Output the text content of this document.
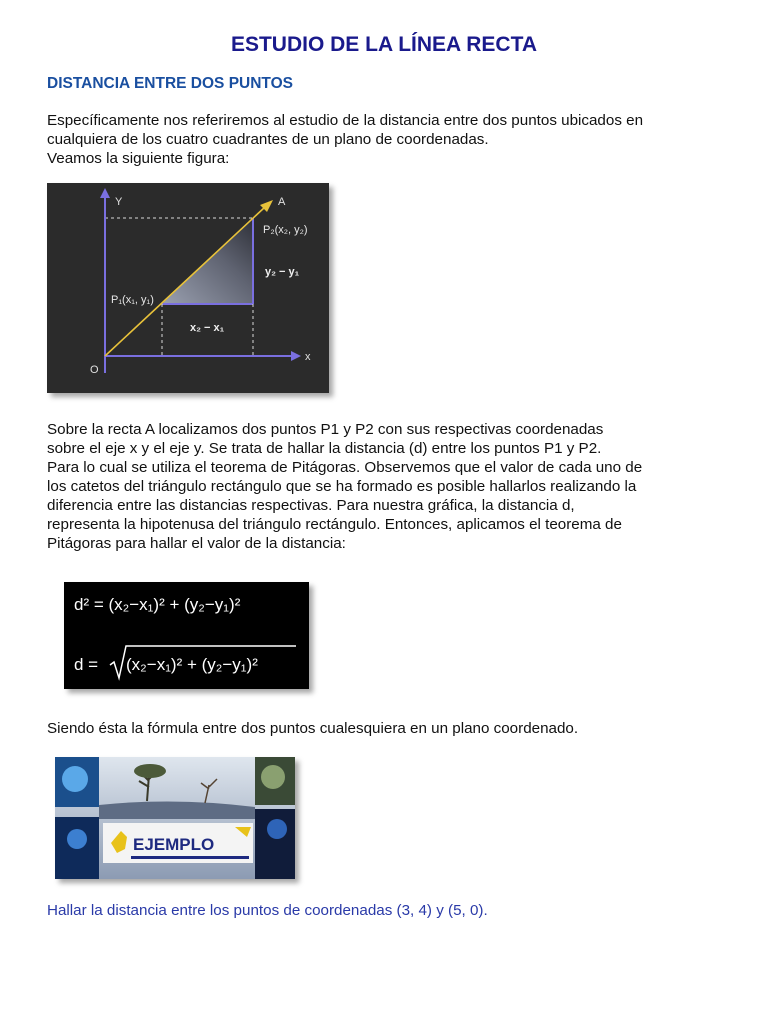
ESTUDIO DE LA LÍNEA RECTA
DISTANCIA ENTRE DOS PUNTOS
Específicamente nos referiremos al estudio de la distancia entre dos puntos ubicados en
cualquiera de los cuatro cuadrantes de un plano de coordenadas.
Veamos la siguiente figura:
Y
x
O
A
P₂(x₂, y₂)
P₁(x₁, y₁)
y₂ − y₁
x₂ − x₁
Sobre la recta A localizamos dos puntos P1 y P2 con sus respectivas coordenadas
sobre el eje x y el eje y. Se trata de hallar la distancia (d) entre los puntos P1 y P2.
Para lo cual se utiliza el teorema de Pitágoras. Observemos que el valor de cada uno de
los catetos del triángulo rectángulo que se ha formado es posible hallarlos realizando la
diferencia entre las distancias respectivas. Para nuestra gráfica, la distancia d,
representa la hipotenusa del triángulo rectángulo. Entonces, aplicamos el teorema de
Pitágoras para hallar el valor de la distancia:
d² = (x₂−x₁)² + (y₂−y₁)²
d = (x₂−x₁)² + (y₂−y₁)²

Siendo ésta la fórmula entre dos puntos cualesquiera en un plano coordenado.

EJEMPLO

Hallar la distancia entre los puntos de coordenadas (3, 4) y (5, 0).
